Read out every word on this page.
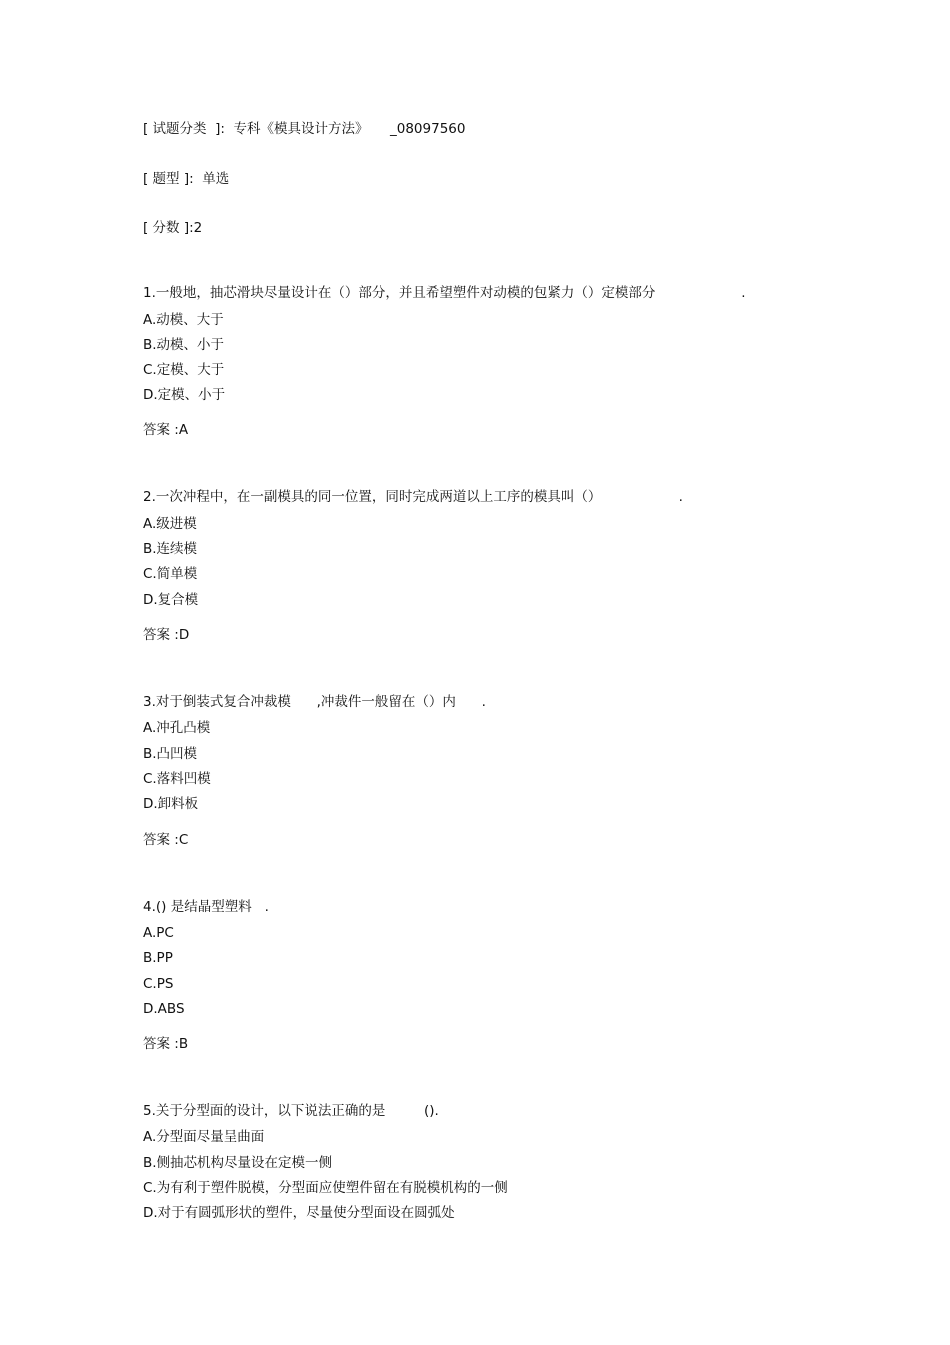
[ 试题分类  ]:  专科《模具设计方法》     _08097560
[ 题型 ]:  单选
[ 分数 ]:2
1.一般地，抽芯滑块尽量设计在（）部分，并且希望塑件对动模的包紧力（）定模部分                    .
A.动模、大于
B.动模、小于
C.定模、大于
D.定模、小于
答案 :A
2.一次冲程中，在一副模具的同一位置，同时完成两道以上工序的模具叫（）                  .
A.级进模
B.连续模
C.简单模
D.复合模
答案 :D
3.对于倒装式复合冲裁模      ,冲裁件一般留在（）内      .
A.冲孔凸模
B.凸凹模
C.落料凹模
D.卸料板
答案 :C
4.() 是结晶型塑料   .
A.PC
B.PP
C.PS
D.ABS
答案 :B
5.关于分型面的设计，以下说法正确的是         ().
A.分型面尽量呈曲面
B.侧抽芯机构尽量设在定模一侧
C.为有利于塑件脱模，分型面应使塑件留在有脱模机构的一侧
D.对于有圆弧形状的塑件，尽量使分型面设在圆弧处
